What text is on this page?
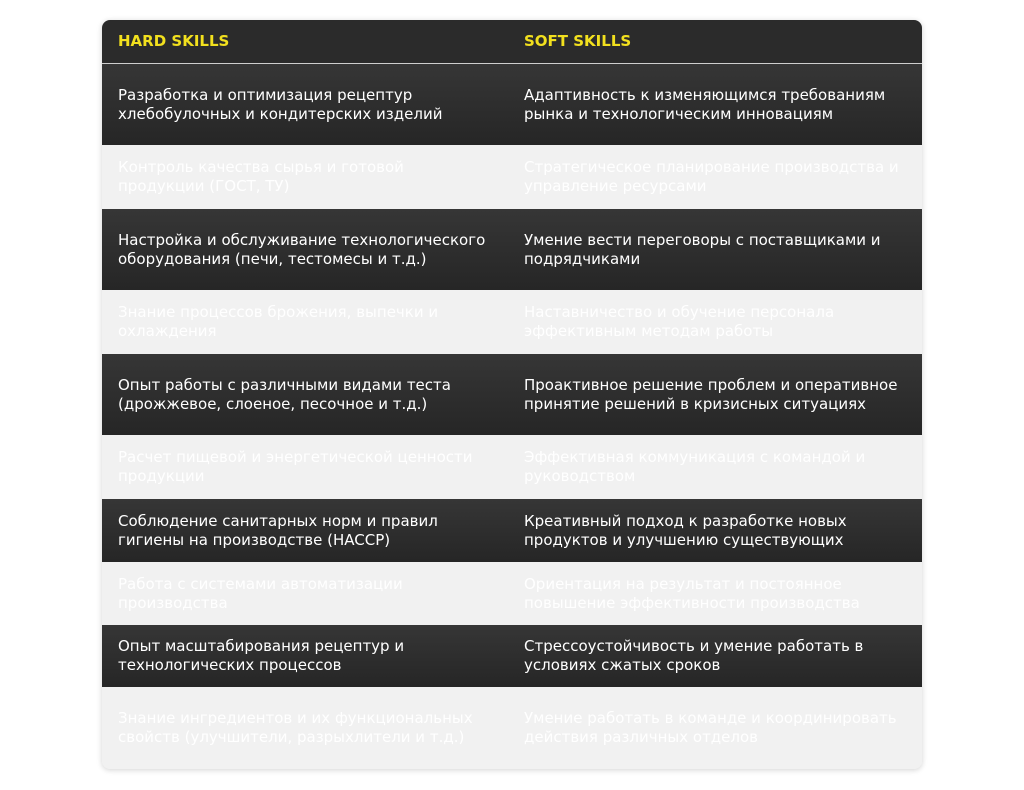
HARD SKILLS	SOFT SKILLS
Разработка и оптимизация рецептур хлебобулочных и кондитерских изделий
Адаптивность к изменяющимся требованиям рынка и технологическим инновациям
Контроль качества сырья и готовой продукции (ГОСТ, ТУ)
Стратегическое планирование производства и управление ресурсами
Настройка и обслуживание технологического оборудования (печи, тестомесы и т.д.)
Умение вести переговоры с поставщиками и подрядчиками
Знание процессов брожения, выпечки и охлаждения
Наставничество и обучение персонала эффективным методам работы
Опыт работы с различными видами теста (дрожжевое, слоеное, песочное и т.д.)
Проактивное решение проблем и оперативное принятие решений в кризисных ситуациях
Расчет пищевой и энергетической ценности продукции
Эффективная коммуникация с командой и руководством
Соблюдение санитарных норм и правил гигиены на производстве (HACCP)
Креативный подход к разработке новых продуктов и улучшению существующих
Работа с системами автоматизации производства
Ориентация на результат и постоянное повышение эффективности производства
Опыт масштабирования рецептур и технологических процессов
Стрессоустойчивость и умение работать в условиях сжатых сроков
Знание ингредиентов и их функциональных свойств (улучшители, разрыхлители и т.д.)
Умение работать в команде и координировать действия различных отделов
